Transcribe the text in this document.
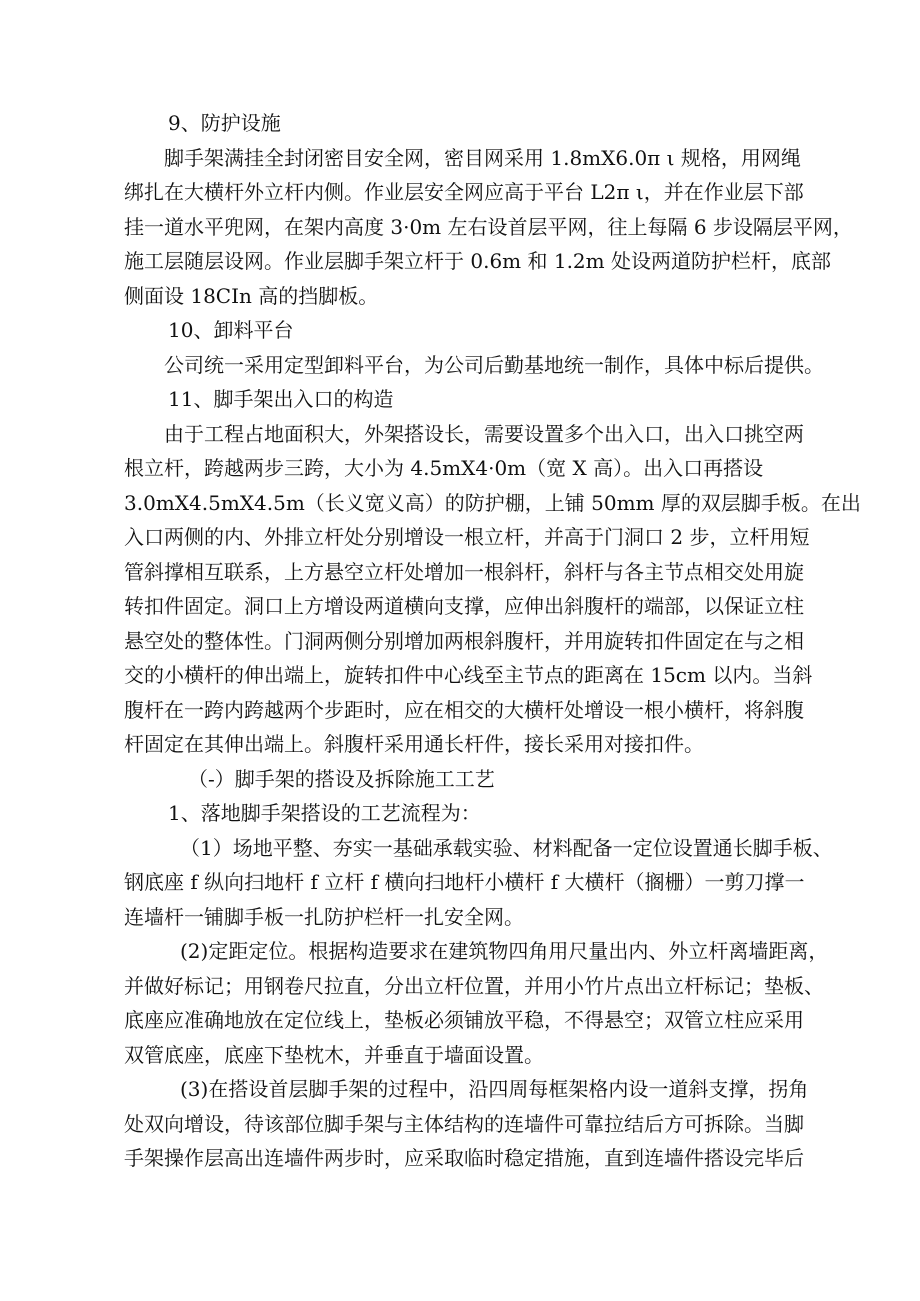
9、防护设施
脚手架满挂全封闭密目安全网，密目网采用 1.8mX6.0π ι 规格，用网绳
绑扎在大横杆外立杆内侧。作业层安全网应高于平台 L2π ι，并在作业层下部
挂一道水平兜网，在架内高度 3·0m 左右设首层平网，往上每隔 6 步设隔层平网，
施工层随层设网。作业层脚手架立杆于 0.6m 和 1.2m 处设两道防护栏杆，底部
侧面设 18CIn 高的挡脚板。
10、卸料平台
公司统一采用定型卸料平台，为公司后勤基地统一制作，具体中标后提供。
11、脚手架出入口的构造
由于工程占地面积大，外架搭设长，需要设置多个出入口，出入口挑空两
根立杆，跨越两步三跨，大小为 4.5mX4·0m（宽 X 高）。出入口再搭设
3.0mX4.5mX4.5m（长义宽义高）的防护棚，上铺 50mm 厚的双层脚手板。在出
入口两侧的内、外排立杆处分别增设一根立杆，并高于门洞口 2 步，立杆用短
管斜撑相互联系，上方悬空立杆处增加一根斜杆，斜杆与各主节点相交处用旋
转扣件固定。洞口上方增设两道横向支撑，应伸出斜腹杆的端部，以保证立柱
悬空处的整体性。门洞两侧分别增加两根斜腹杆，并用旋转扣件固定在与之相
交的小横杆的伸出端上，旋转扣件中心线至主节点的距离在 15cm 以内。当斜
腹杆在一跨内跨越两个步距时，应在相交的大横杆处增设一根小横杆，将斜腹
杆固定在其伸出端上。斜腹杆采用通长杆件，接长采用对接扣件。
（-）脚手架的搭设及拆除施工工艺
1、落地脚手架搭设的工艺流程为：
（1）场地平整、夯实一基础承载实验、材料配备一定位设置通长脚手板、
钢底座 f 纵向扫地杆 f 立杆 f 横向扫地杆小横杆 f 大横杆（搁栅）一剪刀撑一
连墙杆一铺脚手板一扎防护栏杆一扎安全网。
(2)定距定位。根据构造要求在建筑物四角用尺量出内、外立杆离墙距离，
并做好标记；用钢卷尺拉直，分出立杆位置，并用小竹片点出立杆标记；垫板、
底座应准确地放在定位线上，垫板必须铺放平稳，不得悬空；双管立柱应采用
双管底座，底座下垫枕木，并垂直于墙面设置。
(3)在搭设首层脚手架的过程中，沿四周每框架格内设一道斜支撑，拐角
处双向增设，待该部位脚手架与主体结构的连墙件可靠拉结后方可拆除。当脚
手架操作层高出连墙件两步时，应采取临时稳定措施，直到连墙件搭设完毕后
